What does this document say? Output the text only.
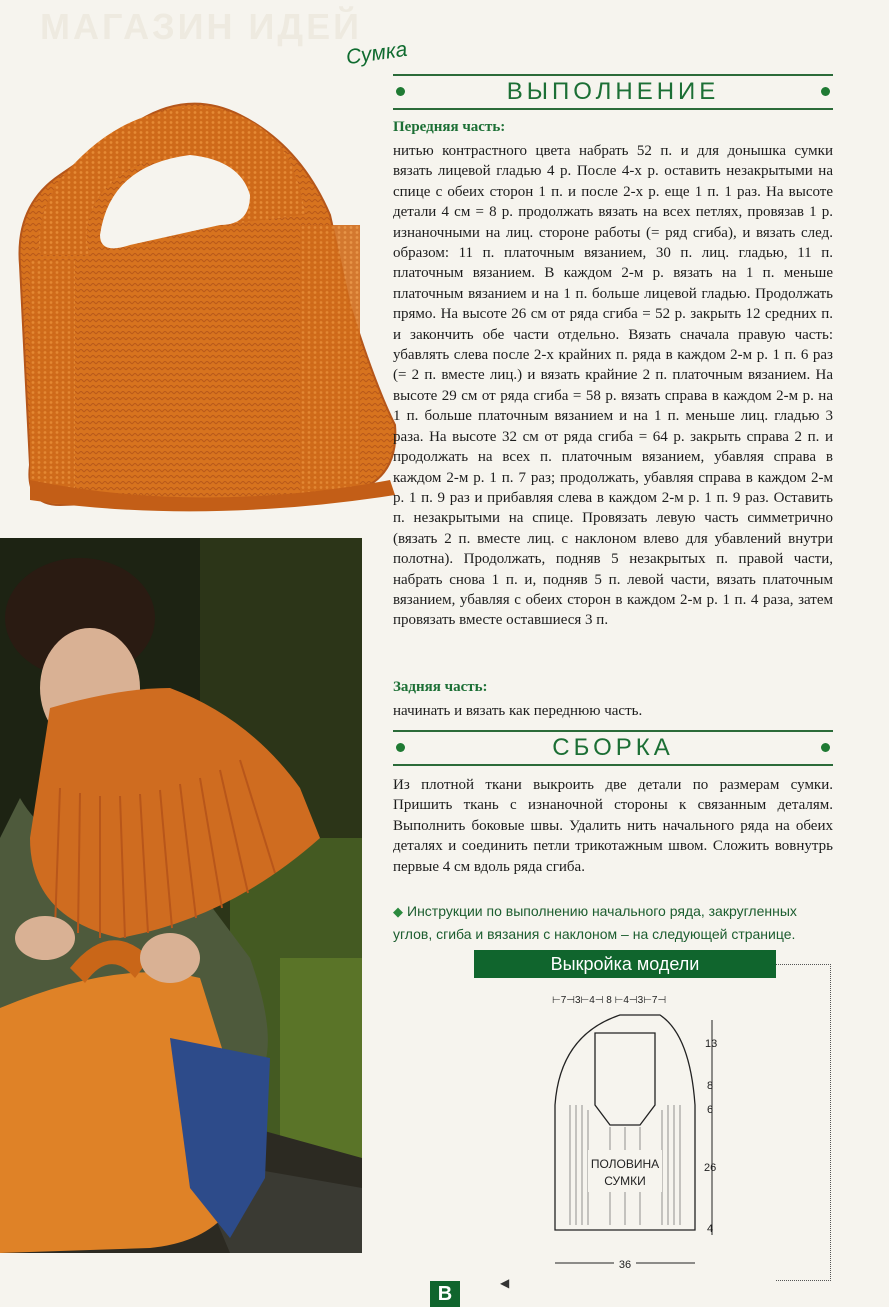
МАГАЗИН ИДЕЙ
Сумка
ВЫПОЛНЕНИЕ
Передняя часть:
нитью контрастного цвета набрать 52 п. и для донышка сумки вязать лицевой гладью 4 р. После 4-х р. оставить незакрытыми на спице с обеих сторон 1 п. и после 2-х р. еще 1 п. 1 раз. На высоте детали 4 см = 8 р. продолжать вязать на всех петлях, провязав 1 р. изнаночными на лиц. стороне работы (= ряд сгиба), и вязать след. образом: 11 п. платочным вязанием, 30 п. лиц. гладью, 11 п. платочным вязанием. В каждом 2-м р. вязать на 1 п. меньше платочным вязанием и на 1 п. больше лицевой гладью. Продолжать прямо. На высоте 26 см от ряда сгиба = 52 р. закрыть 12 средних п. и закончить обе части отдельно. Вязать сначала правую часть: убавлять слева после 2-х крайних п. ряда в каждом 2-м р. 1 п. 6 раз (= 2 п. вместе лиц.) и вязать крайние 2 п. платочным вязанием. На высоте 29 см от ряда сгиба = 58 р. вязать справа в каждом 2-м р. на 1 п. больше платочным вязанием и на 1 п. меньше лиц. гладью 3 раза. На высоте 32 см от ряда сгиба = 64 р. закрыть справа 2 п. и продолжать на всех п. платочным вязанием, убавляя справа в каждом 2-м р. 1 п. 7 раз; продолжать, убавляя справа в каждом 2-м р. 1 п. 9 раз и прибавляя слева в каждом 2-м р. 1 п. 9 раз. Оставить п. незакрытыми на спице. Провязать левую часть симметрично (вязать 2 п. вместе лиц. с наклоном влево для убавлений внутри полотна). Продолжать, подняв 5 незакрытых п. правой части, набрать снова 1 п. и, подняв 5 п. левой части, вязать платочным вязанием, убавляя с обеих сторон в каждом 2-м р. 1 п. 4 раза, затем провязать вместе оставшиеся 3 п.
Задняя часть:
начинать и вязать как переднюю часть.
СБОРКА
Из плотной ткани выкроить две детали по размерам сумки. Пришить ткань с изнаночной стороны к связанным деталям. Выполнить боковые швы. Удалить нить начального ряда на обеих деталях и соединить петли трикотажным швом. Сложить вовнутрь первые 4 см вдоль ряда сгиба.
◆ Инструкции по выполнению начального ряда, закругленных углов, сгиба и вязания с наклоном – на следующей странице.
Выкройка модели
⊢7⊣3⊢4⊣ 8 ⊢4⊣3⊢7⊣
ПОЛОВИНА
СУМКИ
36
13
8
6
26
4
◀
В
